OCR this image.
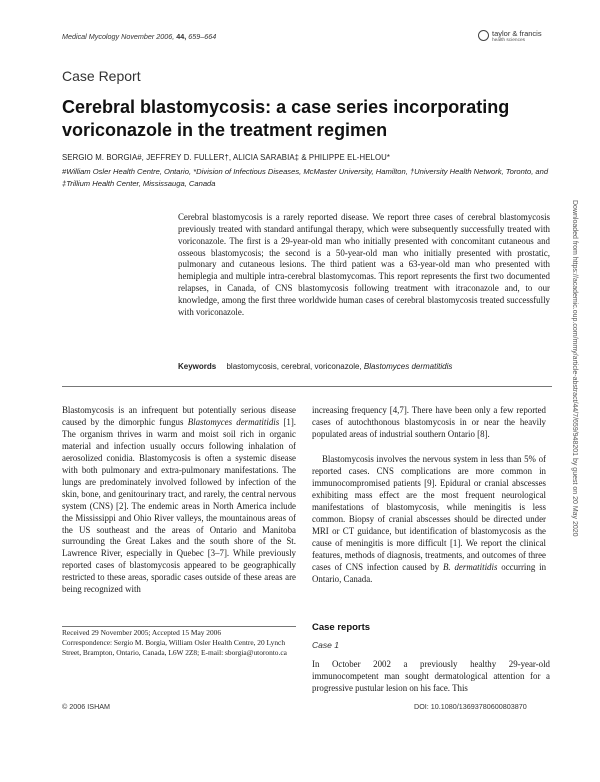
Medical Mycology November 2006, 44, 659–664	taylor & francis
health sciences
Case Report
Cerebral blastomycosis: a case series incorporating voriconazole in the treatment regimen
SERGIO M. BORGIA#, JEFFREY D. FULLER†, ALICIA SARABIA‡ & PHILIPPE EL-HELOU*
#William Osler Health Centre, Ontario, *Division of Infectious Diseases, McMaster University, Hamilton, †University Health Network, Toronto, and ‡Trillium Health Center, Mississauga, Canada

Cerebral blastomycosis is a rarely reported disease. We report three cases of cerebral blastomycosis previously treated with standard antifungal therapy, which were subsequently successfully treated with voriconazole. The first is a 29-year-old man who initially presented with concomitant cutaneous and osseous blastomycosis; the second is a 50-year-old man who initially presented with prostatic, pulmonary and cutaneous lesions. The third patient was a 63-year-old man who presented with hemiplegia and multiple intra-cerebral blastomycomas. This report represents the first two documented relapses, in Canada, of CNS blastomycosis following treatment with itraconazole and, to our knowledge, among the first three worldwide human cases of cerebral blastomycosis treated successfully with voriconazole.

Keywords blastomycosis, cerebral, voriconazole, Blastomyces dermatitidis

Blastomycosis is an infrequent but potentially serious disease caused by the dimorphic fungus Blastomyces dermatitidis [1]. The organism thrives in warm and moist soil rich in organic material and infection usually occurs following inhalation of aerosolized conidia. Blastomycosis is often a systemic disease with both pulmonary and extra-pulmonary manifestations. The lungs are predominately involved followed by infection of the skin, bone, and genitourinary tract, and rarely, the central nervous system (CNS) [2]. The endemic areas in North America include the Mississippi and Ohio River valleys, the mountainous areas of the US southeast and the areas of Ontario and Manitoba surrounding the Great Lakes and the south shore of the St. Lawrence River, especially in Quebec [3–7]. While previously reported cases of blastomycosis appeared to be geographically restricted to these areas, sporadic cases outside of these areas are being recognized with

increasing frequency [4,7]. There have been only a few reported cases of autochthonous blastomycosis in or near the heavily populated areas of industrial southern Ontario [8].

Blastomycosis involves the nervous system in less than 5% of reported cases. CNS complications are more common in immunocompromised patients [9]. Epidural or cranial abscesses exhibiting mass effect are the most frequent neurological manifestations of blastomycosis, while meningitis is less common. Biopsy of cranial abscesses should be directed under MRI or CT guidance, but identification of blastomycosis as the cause of meningitis is more difficult [1]. We report the clinical features, methods of diagnosis, treatments, and outcomes of three cases of CNS infection caused by B. dermatitidis occurring in Ontario, Canada.

Received 29 November 2005; Accepted 15 May 2006
Correspondence: Sergio M. Borgia, William Osler Health Centre, 20 Lynch Street, Brampton, Ontario, Canada, L6W 2Z8; E-mail: sborgia@utoronto.ca
Case reports
Case 1
In October 2002 a previously healthy 29-year-old immunocompetent man sought dermatological attention for a progressive pustular lesion on his face. This
© 2006 ISHAM	DOI: 10.1080/13693780600803870
Downloaded from https://academic.oup.com/mmy/article-abstract/44/7/659/948201 by guest on 20 May 2020
